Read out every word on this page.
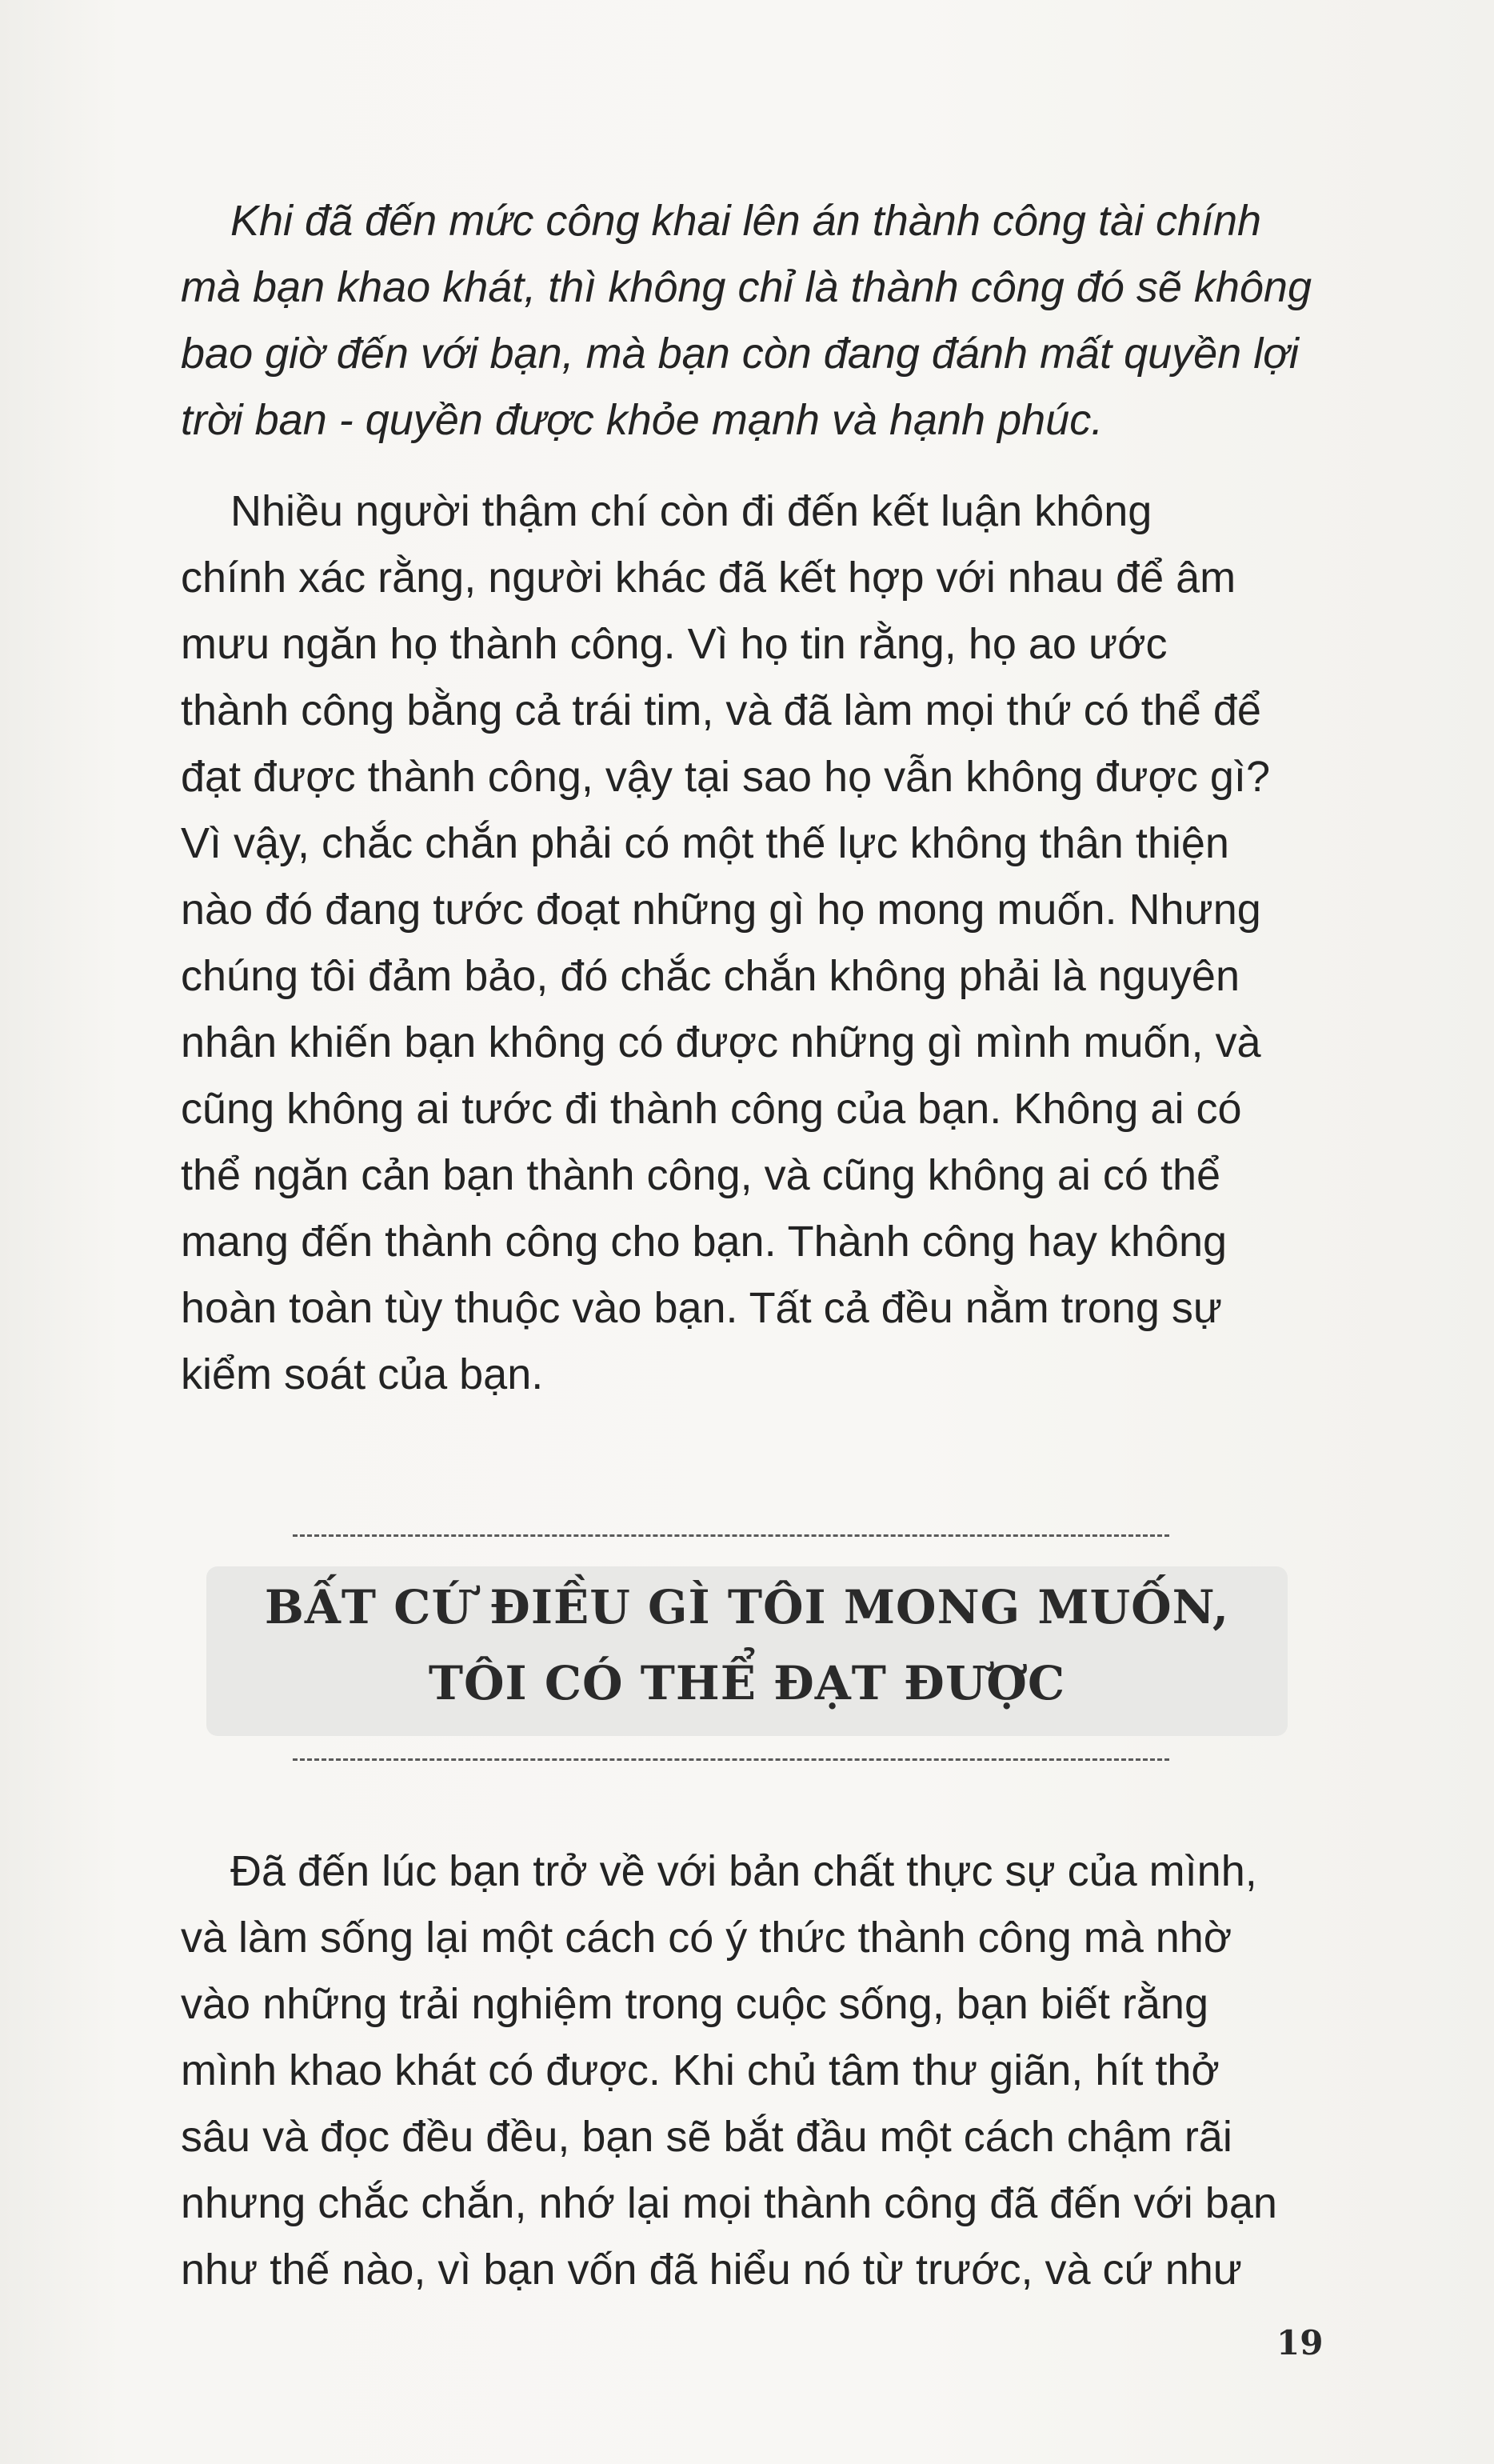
Khi đã đến mức công khai lên án thành công tài chính
mà bạn khao khát, thì không chỉ là thành công đó sẽ không
bao giờ đến với bạn, mà bạn còn đang đánh mất quyền lợi
trời ban - quyền được khỏe mạnh và hạnh phúc.
Nhiều người thậm chí còn đi đến kết luận không
chính xác rằng, người khác đã kết hợp với nhau để âm
mưu ngăn họ thành công. Vì họ tin rằng, họ ao ước
thành công bằng cả trái tim, và đã làm mọi thứ có thể để
đạt được thành công, vậy tại sao họ vẫn không được gì?
Vì vậy, chắc chắn phải có một thế lực không thân thiện
nào đó đang tước đoạt những gì họ mong muốn. Nhưng
chúng tôi đảm bảo, đó chắc chắn không phải là nguyên
nhân khiến bạn không có được những gì mình muốn, và
cũng không ai tước đi thành công của bạn. Không ai có
thể ngăn cản bạn thành công, và cũng không ai có thể
mang đến thành công cho bạn. Thành công hay không
hoàn toàn tùy thuộc vào bạn. Tất cả đều nằm trong sự
kiểm soát của bạn.
BẤT CỨ ĐIỀU GÌ TÔI MONG MUỐN,
TÔI CÓ THỂ ĐẠT ĐƯỢC
Đã đến lúc bạn trở về với bản chất thực sự của mình,
và làm sống lại một cách có ý thức thành công mà nhờ
vào những trải nghiệm trong cuộc sống, bạn biết rằng
mình khao khát có được. Khi chủ tâm thư giãn, hít thở
sâu và đọc đều đều, bạn sẽ bắt đầu một cách chậm rãi
nhưng chắc chắn, nhớ lại mọi thành công đã đến với bạn
như thế nào, vì bạn vốn đã hiểu nó từ trước, và cứ như
19
